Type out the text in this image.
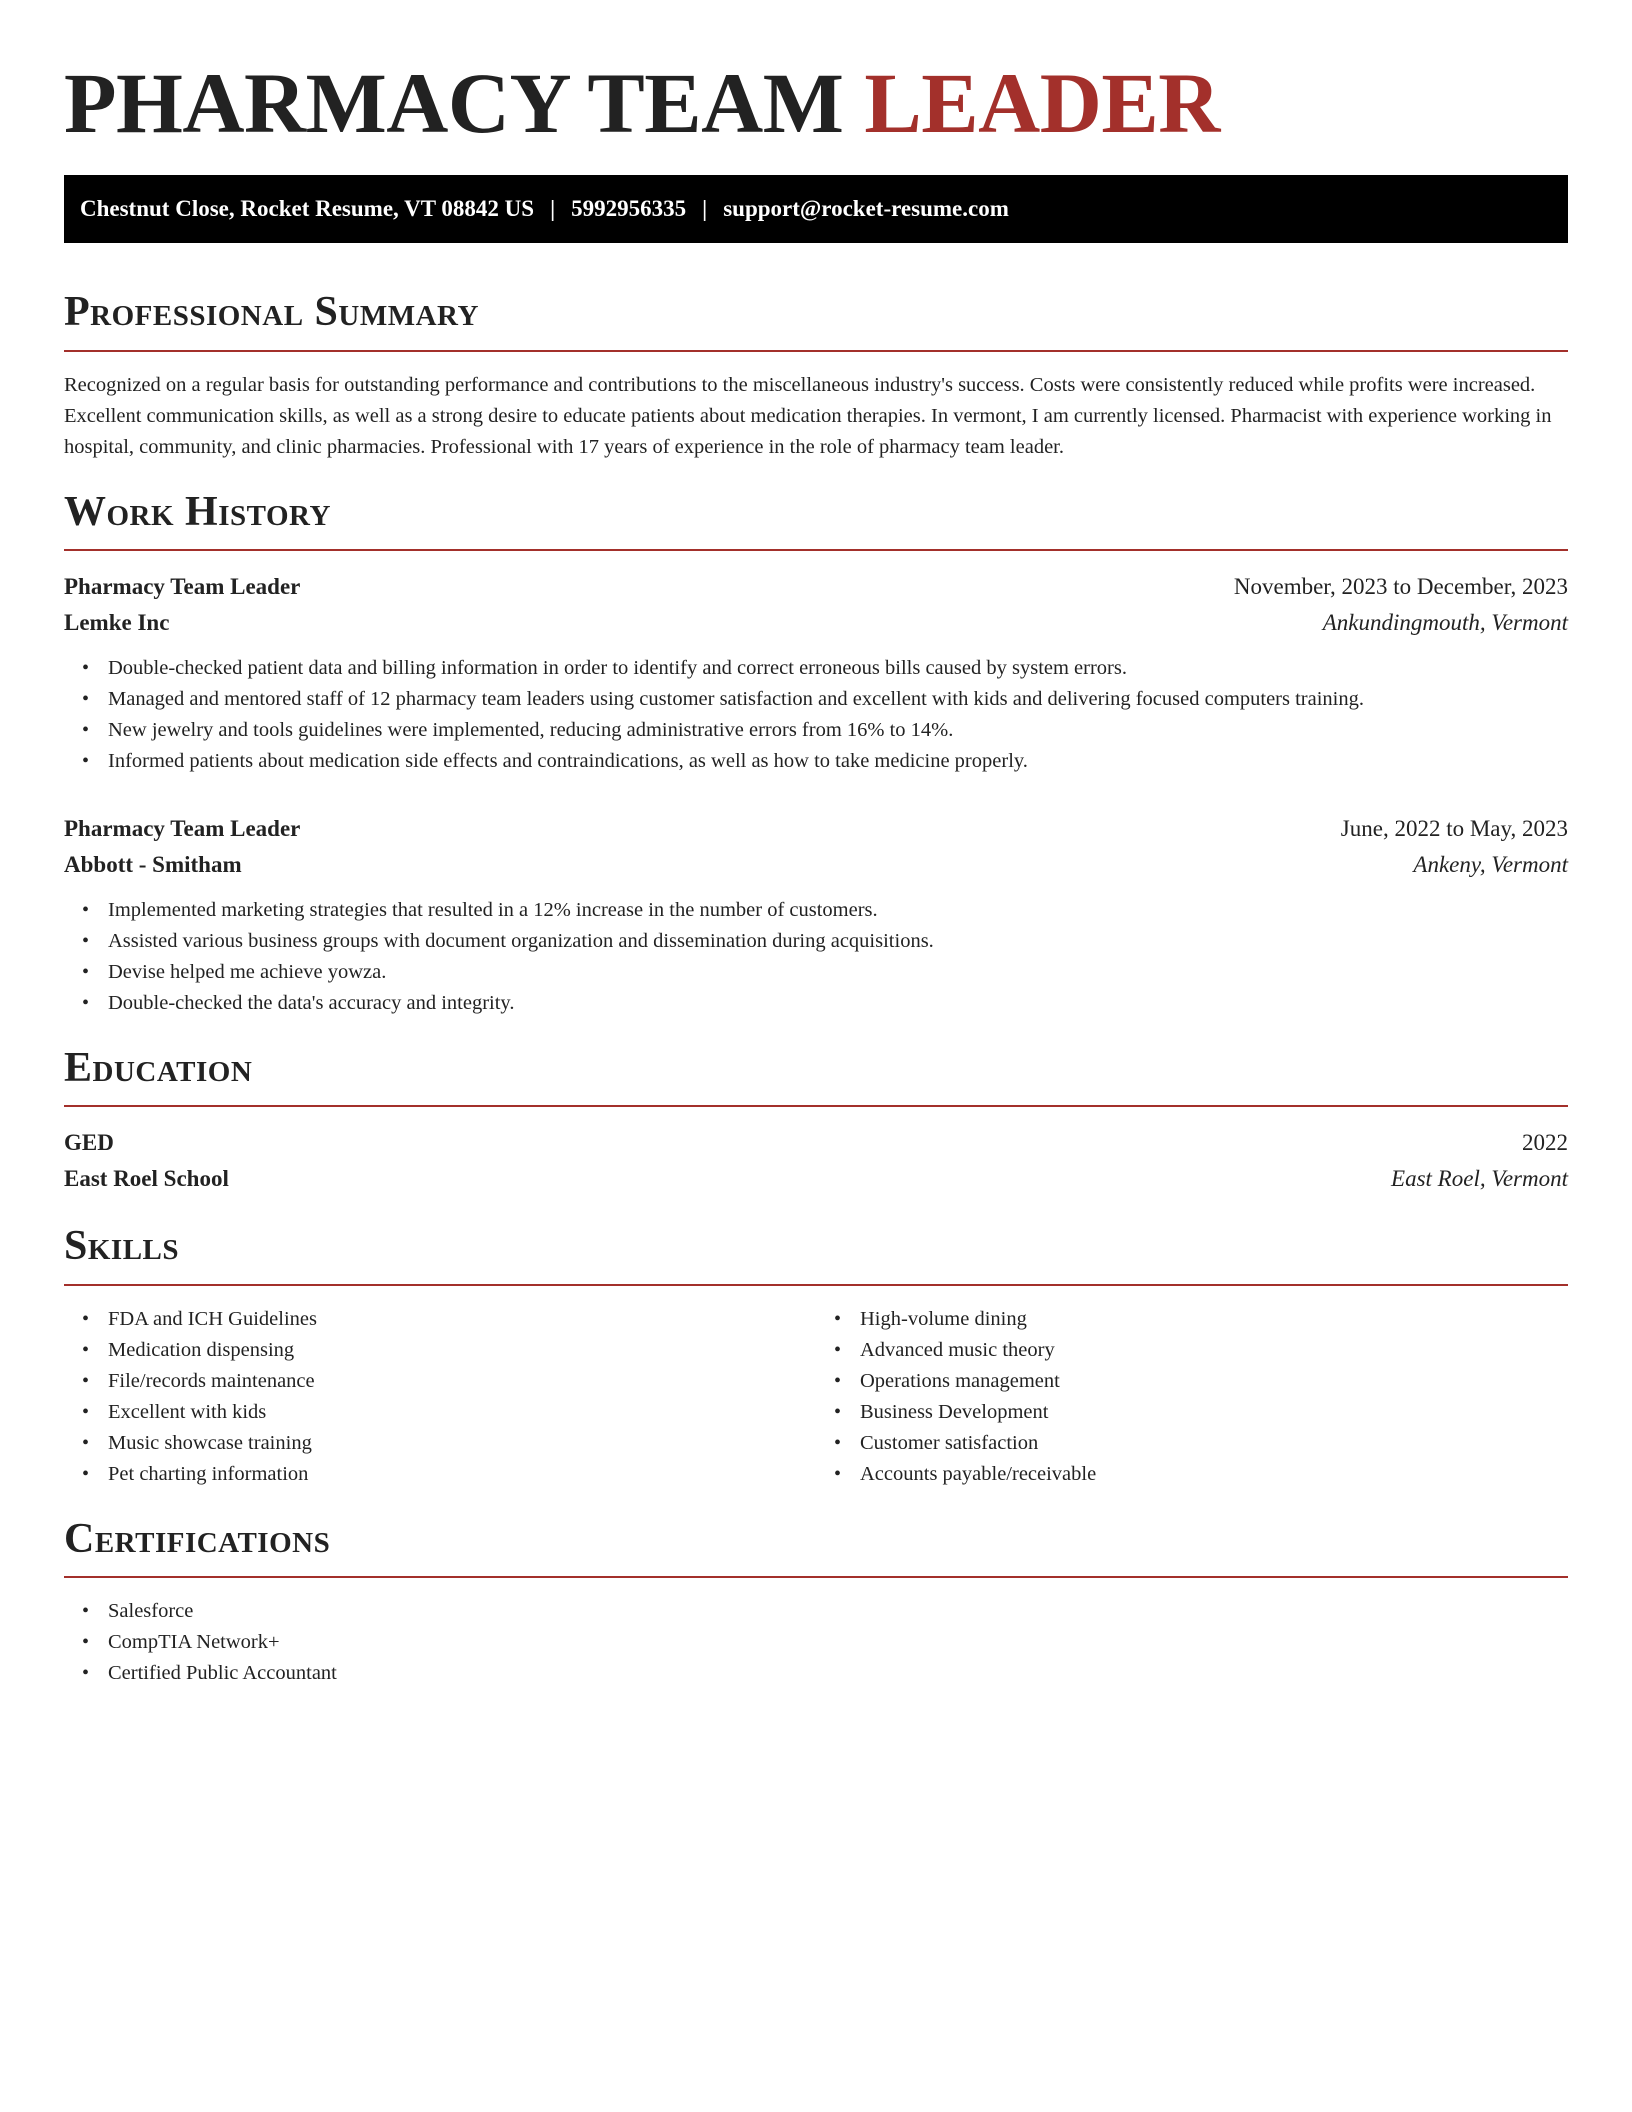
PHARMACY TEAM LEADER
Chestnut Close, Rocket Resume, VT 08842 US | 5992956335 | support@rocket-resume.com
Professional Summary

Recognized on a regular basis for outstanding performance and contributions to the miscellaneous industry's success. Costs were consistently reduced while profits were increased. Excellent communication skills, as well as a strong desire to educate patients about medication therapies. In vermont, I am currently licensed. Pharmacist with experience working in hospital, community, and clinic pharmacies. Professional with 17 years of experience in the role of pharmacy team leader.

Work History
Pharmacy Team Leader	November, 2023 to December, 2023
Lemke Inc	Ankundingmouth, Vermont
• Double-checked patient data and billing information in order to identify and correct erroneous bills caused by system errors.
• Managed and mentored staff of 12 pharmacy team leaders using customer satisfaction and excellent with kids and delivering focused computers training.
• New jewelry and tools guidelines were implemented, reducing administrative errors from 16% to 14%.
• Informed patients about medication side effects and contraindications, as well as how to take medicine properly.
Pharmacy Team Leader	June, 2022 to May, 2023
Abbott - Smitham	Ankeny, Vermont
• Implemented marketing strategies that resulted in a 12% increase in the number of customers.
• Assisted various business groups with document organization and dissemination during acquisitions.
• Devise helped me achieve yowza.
• Double-checked the data's accuracy and integrity.
Education
GED	2022
East Roel School	East Roel, Vermont
Skills
• FDA and ICH Guidelines
• Medication dispensing
• File/records maintenance
• Excellent with kids
• Music showcase training
• Pet charting information
• High-volume dining
• Advanced music theory
• Operations management
• Business Development
• Customer satisfaction
• Accounts payable/receivable
Certifications
• Salesforce
• CompTIA Network+
• Certified Public Accountant
